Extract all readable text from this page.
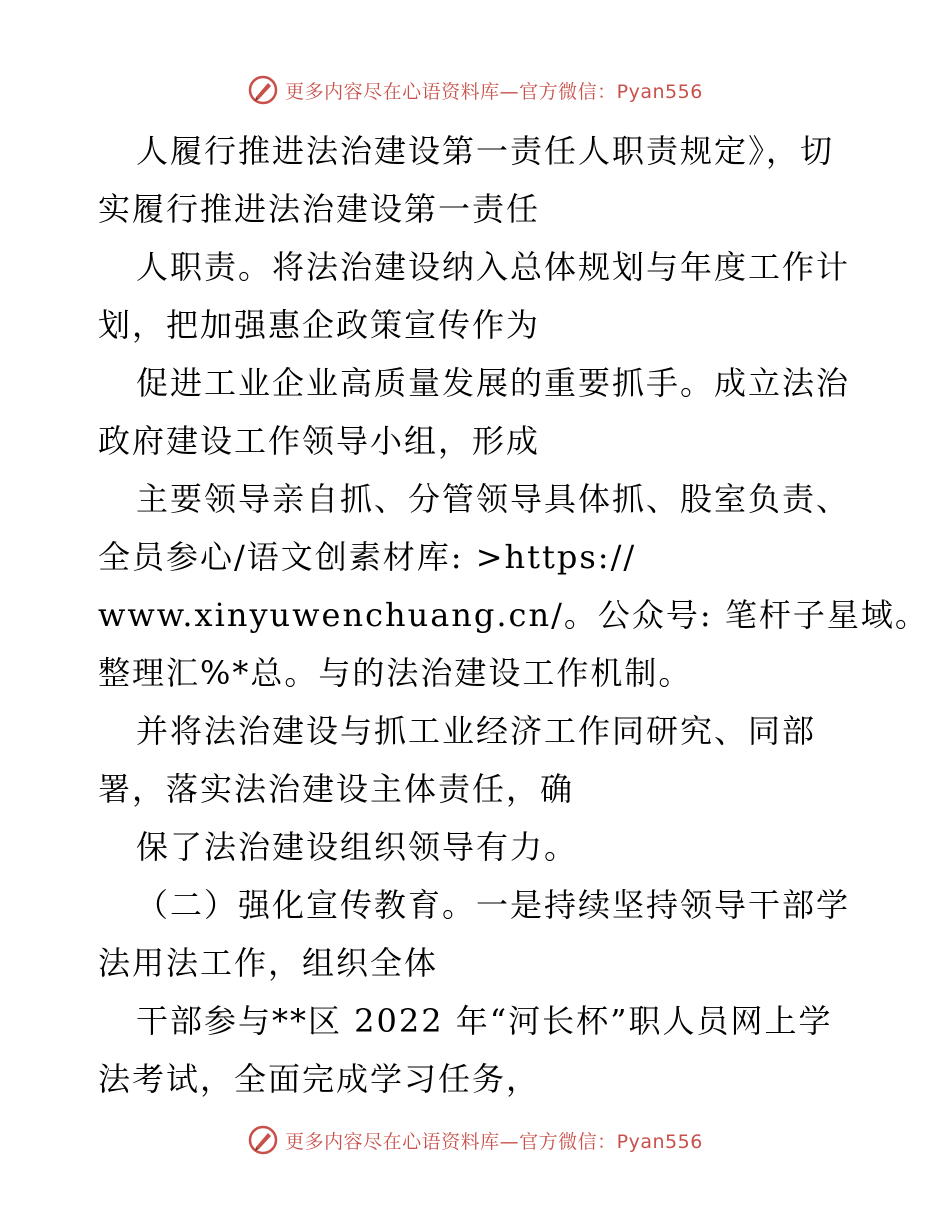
更多内容尽在心语资料库—官方微信：Pyan556
人履行推进法治建设第一责任人职责规定》，切
实履行推进法治建设第一责任
人职责。将法治建设纳入总体规划与年度工作计
划，把加强惠企政策宣传作为
促进工业企业高质量发展的重要抓手。成立法治
政府建设工作领导小组，形成
主要领导亲自抓、分管领导具体抓、股室负责、
全员参心/语文创素材库: >https://
www.xinyuwenchuang.cn/。公众号: 笔杆子星域。
整理汇%*总。与的法治建设工作机制。
并将法治建设与抓工业经济工作同研究、同部
署，落实法治建设主体责任，确
保了法治建设组织领导有力。
（二）强化宣传教育。一是持续坚持领导干部学
法用法工作，组织全体
干部参与**区 2022 年“河长杯”职人员网上学
法考试，全面完成学习任务，
更多内容尽在心语资料库—官方微信：Pyan556
